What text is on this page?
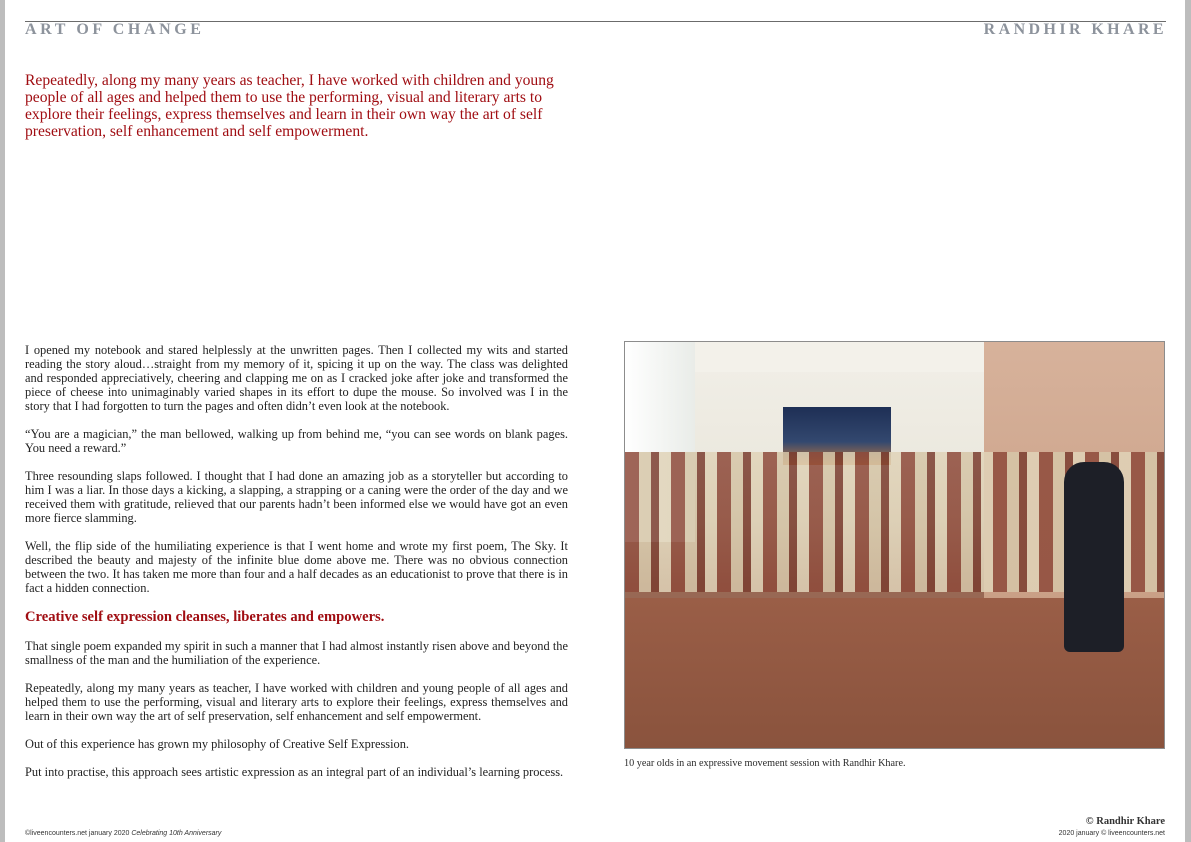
ART OF CHANGE	RANDHIR KHARE

Repeatedly, along my many years as teacher, I have worked with children and young people of all ages and helped them to use the performing, visual and literary arts to explore their feelings, express themselves and learn in their own way the art of self preservation, self enhancement and self empowerment.

I opened my notebook and stared helplessly at the unwritten pages. Then I collected my wits and started reading the story aloud…straight from my memory of it, spicing it up on the way. The class was delighted and responded appreciatively, cheering and clapping me on as I cracked joke after joke and transformed the piece of cheese into unimaginably varied shapes in its effort to dupe the mouse. So involved was I in the story that I had forgotten to turn the pages and often didn’t even look at the notebook.

“You are a magician,” the man bellowed, walking up from behind me, “you can see words on blank pages. You need a reward.”

Three resounding slaps followed. I thought that I had done an amazing job as a storyteller but according to him I was a liar. In those days a kicking, a slapping, a strapping or a caning were the order of the day and we received them with gratitude, relieved that our parents hadn’t been informed else we would have got an even more fierce slamming.

Well, the flip side of the humiliating experience is that I went home and wrote my first poem, The Sky. It described the beauty and majesty of the infinite blue dome above me. There was no obvious connection between the two. It has taken me more than four and a half decades as an educationist to prove that there is in fact a hidden connection.

Creative self expression cleanses, liberates and empowers.

That single poem expanded my spirit in such a manner that I had almost instantly risen above and beyond the smallness of the man and the humiliation of the experience.

Repeatedly, along my many years as teacher, I have worked with children and young people of all ages and helped them to use the performing, visual and literary arts to explore their feelings, express themselves and learn in their own way the art of self preservation, self enhancement and self empowerment.

Out of this experience has grown my philosophy of Creative Self Expression.

Put into practise, this approach sees artistic expression as an integral part of an individual’s learning process.

10 year olds in an expressive movement session with Randhir Khare.
© Randhir Khare
2020 january © liveencounters.net
©liveencounters.net january 2020 Celebrating 10th Anniversary
